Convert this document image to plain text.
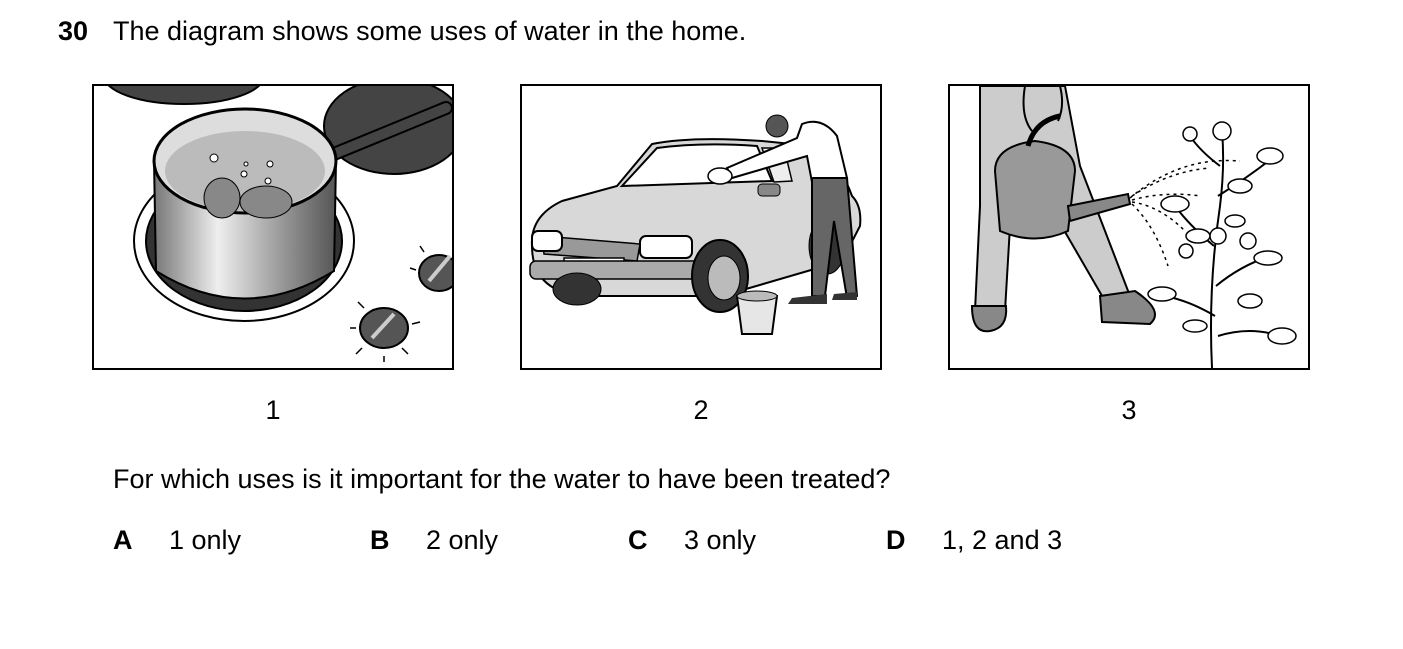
30 The diagram shows some uses of water in the home.
1	2	3
For which uses is it important for the water to have been treated?
A 1 only	B 2 only	C 3 only	D 1, 2 and 3
